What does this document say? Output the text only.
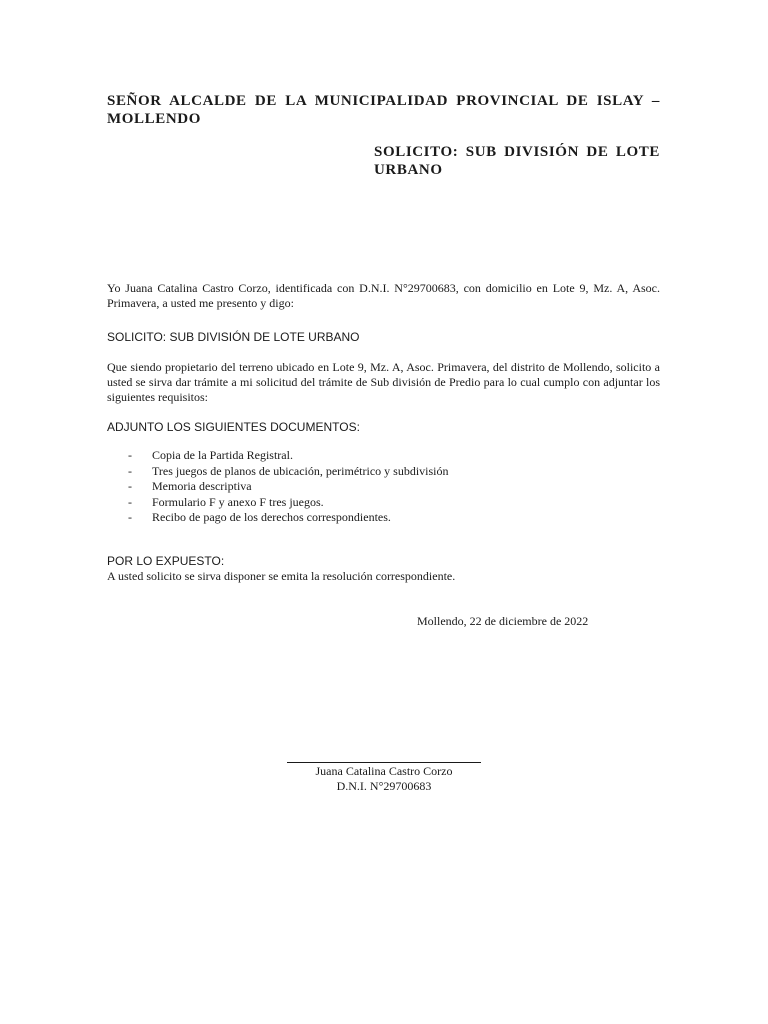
SEÑOR ALCALDE DE LA MUNICIPALIDAD PROVINCIAL DE ISLAY – MOLLENDO
SOLICITO: SUB DIVISIÓN DE LOTE URBANO
Yo Juana Catalina Castro Corzo, identificada con D.N.I. N°29700683, con domicilio en Lote 9, Mz. A, Asoc. Primavera, a usted me presento y digo:
SOLICITO: SUB DIVISIÓN DE LOTE URBANO
Que siendo propietario del terreno ubicado en Lote 9, Mz. A, Asoc. Primavera, del distrito de Mollendo, solicito a usted se sirva dar trámite a mi solicitud del trámite de Sub división de Predio para lo cual cumplo con adjuntar los siguientes requisitos:
ADJUNTO LOS SIGUIENTES DOCUMENTOS:
- Copia de la Partida Registral.
- Tres juegos de planos de ubicación, perimétrico y subdivisión
- Memoria descriptiva
- Formulario F y anexo F tres juegos.
- Recibo de pago de los derechos correspondientes.
POR LO EXPUESTO:
A usted solicito se sirva disponer se emita la resolución correspondiente.
Mollendo, 22 de diciembre de 2022
Juana Catalina Castro Corzo
D.N.I. N°29700683
